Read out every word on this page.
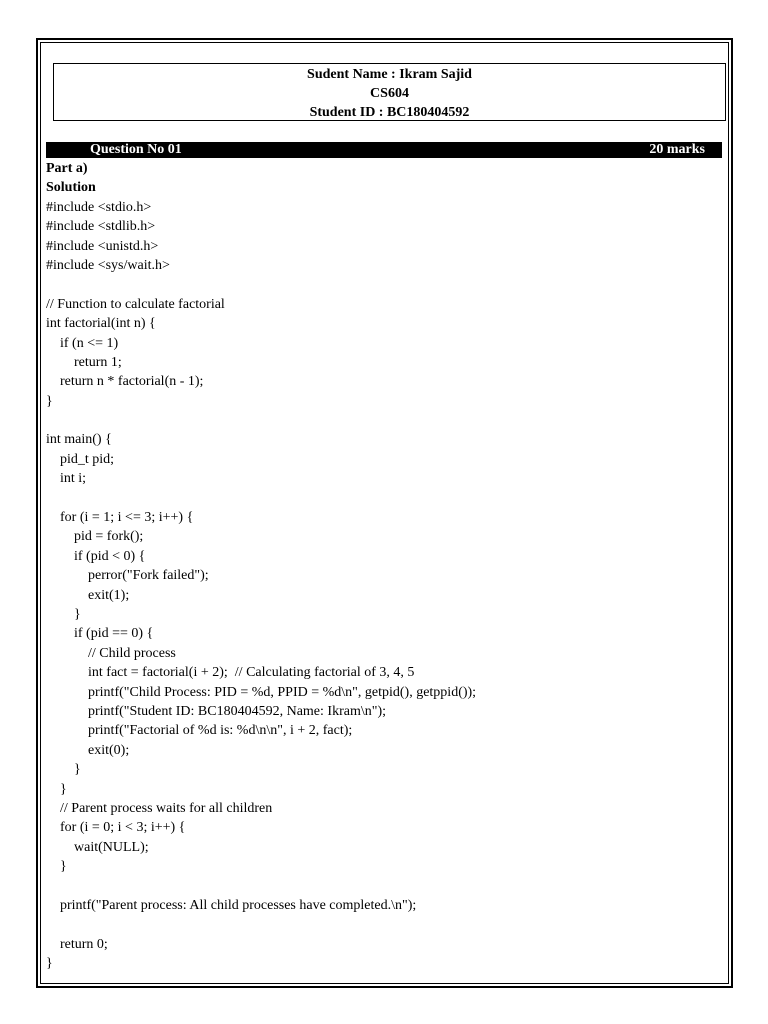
Sudent Name : Ikram Sajid
CS604
Student ID : BC180404592
Question No 01	20 marks
Part a)
Solution
#include <stdio.h>
#include <stdlib.h>
#include <unistd.h>
#include <sys/wait.h>
// Function to calculate factorial
int factorial(int n) {
if (n <= 1)
return 1;
return n * factorial(n - 1);
}
int main() {
pid_t pid;
int i;
for (i = 1; i <= 3; i++) {
pid = fork();
if (pid < 0) {
perror("Fork failed");
exit(1);
}
if (pid == 0) {
// Child process
int fact = factorial(i + 2);  // Calculating factorial of 3, 4, 5
printf("Child Process: PID = %d, PPID = %d\n", getpid(), getppid());
printf("Student ID: BC180404592, Name: Ikram\n");
printf("Factorial of %d is: %d\n\n", i + 2, fact);
exit(0);
}
}
// Parent process waits for all children
for (i = 0; i < 3; i++) {
wait(NULL);
}
printf("Parent process: All child processes have completed.\n");
return 0;
}
